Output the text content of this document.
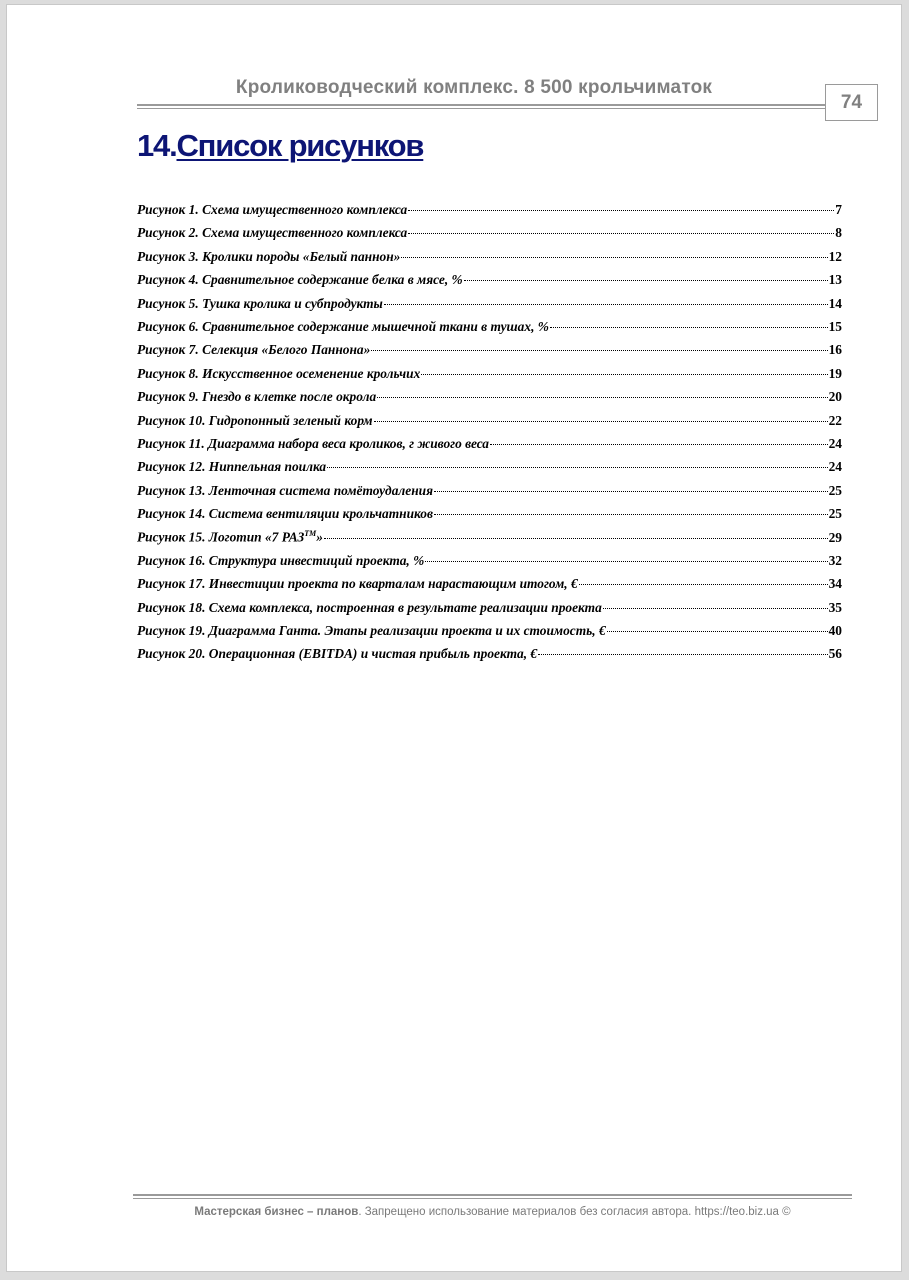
Кролиководческий комплекс. 8 500 крольчиматок
74
14.Список рисунков
Рисунок 1. Схема имущественного комплекса	7
Рисунок 2. Схема имущественного комплекса	8
Рисунок 3. Кролики породы «Белый паннон»	12
Рисунок 4. Сравнительное содержание белка в мясе, %	13
Рисунок 5. Тушка кролика и субпродукты	14
Рисунок 6. Сравнительное содержание мышечной ткани в тушах, %	15
Рисунок 7. Селекция «Белого Паннона»	16
Рисунок 8. Искусственное осеменение крольчих	19
Рисунок 9. Гнездо в клетке после окрола	20
Рисунок 10. Гидропонный зеленый корм	22
Рисунок 11. Диаграмма набора веса кроликов, г живого веса	24
Рисунок 12. Ниппельная поилка	24
Рисунок 13. Ленточная система помётоудаления	25
Рисунок 14. Система вентиляции крольчатников	25
Рисунок 15. Логотип «7 РАЗ™»	29
Рисунок 16. Структура инвестиций проекта, %	32
Рисунок 17. Инвестиции проекта по кварталам нарастающим итогом, €	34
Рисунок 18. Схема комплекса, построенная в результате реализации проекта	35
Рисунок 19. Диаграмма Ганта. Этапы реализации проекта и их стоимость, €	40
Рисунок 20. Операционная (EBITDA) и чистая прибыль проекта, €	56
Мастерская бизнес – планов. Запрещено использование материалов без согласия автора. https://teo.biz.ua ©
